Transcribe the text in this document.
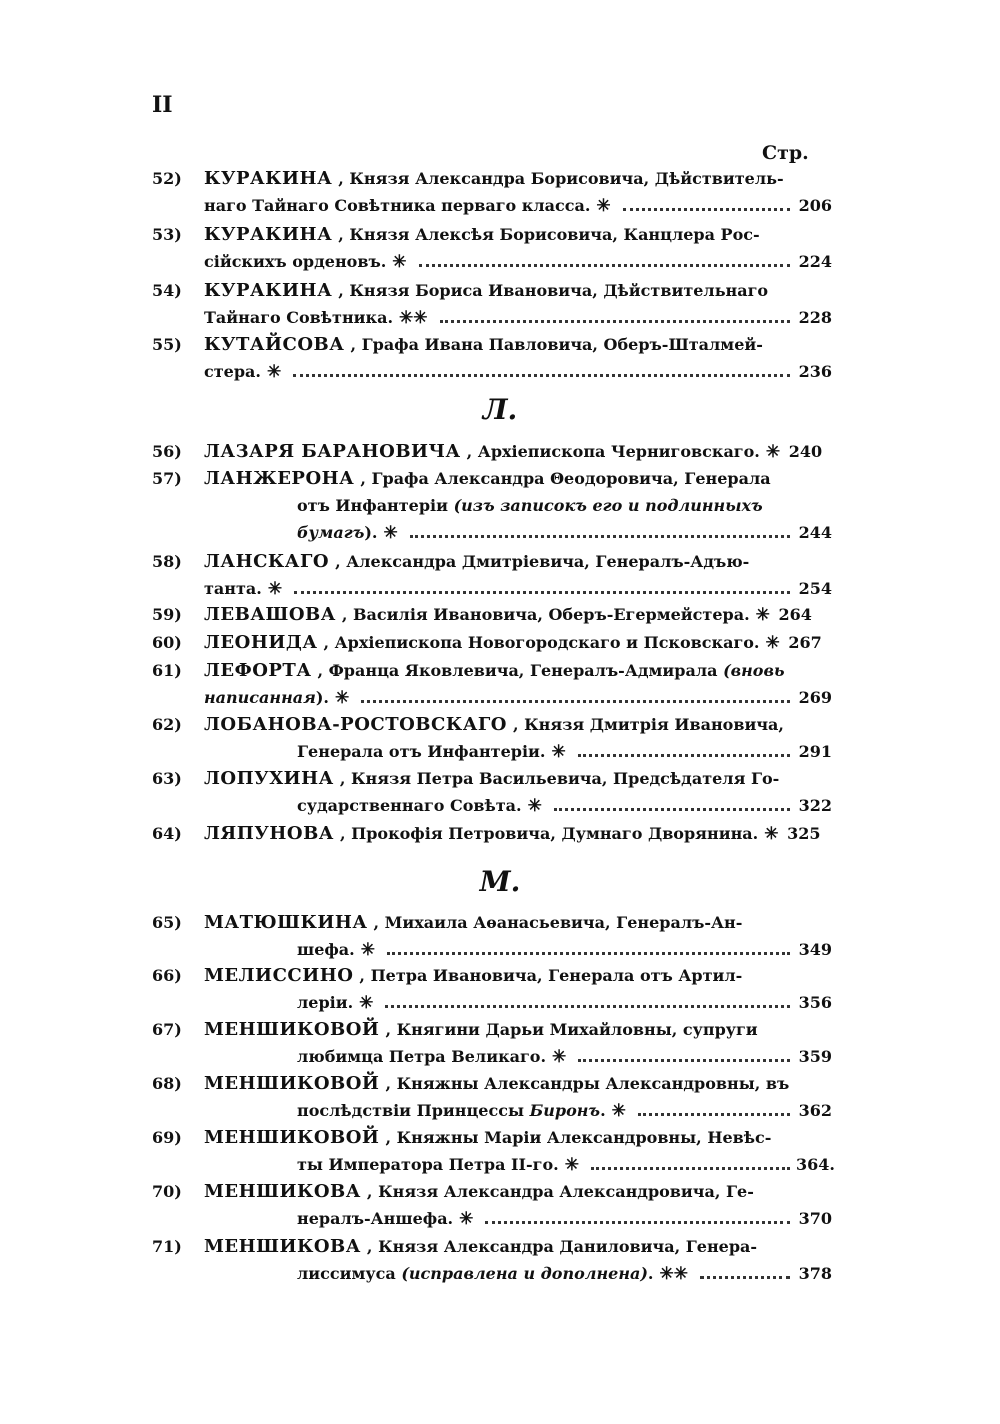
II
Стр.
52)	КУРАКИНА , Князя Александра Борисовича, Дѣйствитель-
наго Тайнаго Совѣтника перваго класса. ✳	206
53)	КУРАКИНА , Князя Алексѣя Борисовича, Канцлера Рос-
сiйскихъ орденовъ. ✳	224
54)	КУРАКИНА , Князя Бориса Ивановича, Дѣйствительнаго
Тайнаго Совѣтника. ✳✳	228
55)	КУТАЙСОВА , Графа Ивана Павловича, Оберъ-Шталмей-
стера. ✳	236
Л.
56)	ЛАЗАРЯ БАРАНОВИЧА , Архiепископа Черниговскаго. ✳ 240
57)	ЛАНЖЕРОНА , Графа Александра Θеодоровича, Генерала
отъ Инфантерiи
(изъ записокъ его и подлинныхъ
бумагъ ). ✳	244
58)	ЛАНСКАГО , Александра Дмитрiевича, Генералъ-Адъю-
танта. ✳	254
59)	ЛЕВАШОВА , Василiя Ивановича, Оберъ-Егермейстера. ✳ 264
60)	ЛЕОНИДА , Архiепископа Новогородскаго и Псковскаго. ✳ 267
61)	ЛЕФОРТА , Франца Яковлевича, Генералъ-Адмирала
(вновь
написанная ). ✳	269
62)	ЛОБАНОВА-РОСТОВСКАГО , Князя Дмитрiя Ивановича,
Генерала отъ Инфантерiи. ✳	291
63)	ЛОПУХИНА , Князя Петра Васильевича, Предсѣдателя Го-
сударственнаго Совѣта. ✳	322
64)	ЛЯПУНОВА , Прокофiя Петровича, Думнаго Дворянина. ✳ 325
М.
65)	МАТЮШКИНА , Михаила Аѳанасьевича, Генералъ-Ан-
шефа. ✳	349
66)	МЕЛИССИНО , Петра Ивановича, Генерала отъ Артил-
лерiи. ✳	356
67)	МЕНШИКОВОЙ , Княгини Дарьи Михайловны, супруги
любимца Петра Великаго. ✳	359
68)	МЕНШИКОВОЙ , Княжны Александры Александровны, въ
послѣдствiи Принцессы
Биронъ . ✳	362
69)	МЕНШИКОВОЙ , Княжны Марiи Александровны, Невѣс-
ты Императора Петра II-го. ✳	364.
70)	МЕНШИКОВА , Князя Александра Александровича, Ге-
нералъ-Аншефа. ✳	370
71)	МЕНШИКОВА , Князя Александра Даниловича, Генера-
лиссимуса
(исправлена и дополнена) . ✳✳	378
